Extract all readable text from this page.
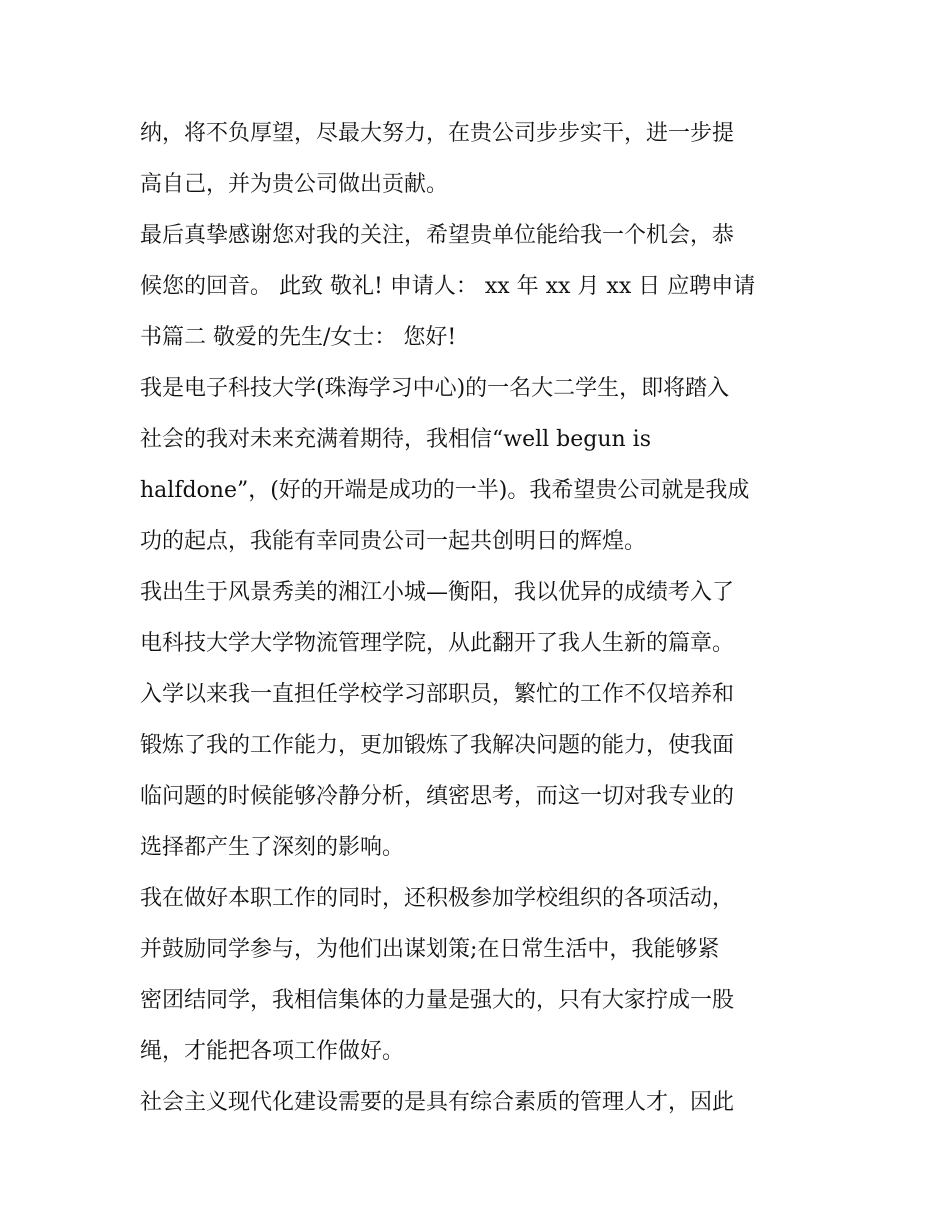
纳，将不负厚望，尽最大努力，在贵公司步步实干，进一步提
高自己，并为贵公司做出贡献。
最后真挚感谢您对我的关注，希望贵单位能给我一个机会，恭
候您的回音。 此致 敬礼! 申请人： xx 年 xx 月 xx 日 应聘申请
书篇二 敬爱的先生/女士： 您好!
我是电子科技大学(珠海学习中心)的一名大二学生，即将踏入
社会的我对未来充满着期待，我相信“well begun is
halfdone”，(好的开端是成功的一半)。我希望贵公司就是我成
功的起点，我能有幸同贵公司一起共创明日的辉煌。
我出生于风景秀美的湘江小城—衡阳，我以优异的成绩考入了
电科技大学大学物流管理学院，从此翻开了我人生新的篇章。
入学以来我一直担任学校学习部职员，繁忙的工作不仅培养和
锻炼了我的工作能力，更加锻炼了我解决问题的能力，使我面
临问题的时候能够冷静分析，缜密思考，而这一切对我专业的
选择都产生了深刻的影响。
我在做好本职工作的同时，还积极参加学校组织的各项活动，
并鼓励同学参与，为他们出谋划策;在日常生活中，我能够紧
密团结同学，我相信集体的力量是强大的，只有大家拧成一股
绳，才能把各项工作做好。
社会主义现代化建设需要的是具有综合素质的管理人才，因此
